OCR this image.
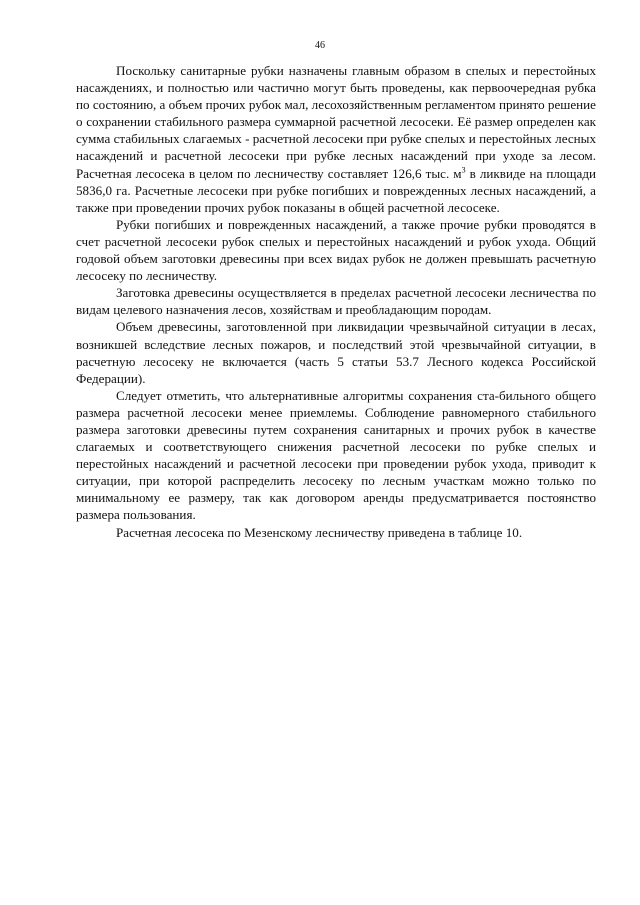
46

Поскольку санитарные рубки назначены главным образом в спелых и перестойных насаждениях, и полностью или частично могут быть проведены, как первоочередная рубка по состоянию, а объем прочих рубок мал, лесохозяйственным регламентом принято решение о сохранении стабильного размера суммарной расчетной лесосеки. Её размер определен как сумма стабильных слагаемых - расчетной лесосеки при рубке спелых и перестойных лесных насаждений и расчетной лесосеки при рубке лесных насаждений при уходе за лесом. Расчетная лесосека в целом по лесничеству составляет 126,6 тыс. $м^3$ в ликвиде на площади 5836,0 га. Расчетные лесосеки при рубке погибших и поврежденных лесных насаждений, а также при проведении прочих рубок показаны в общей расчетной лесосеке.

Рубки погибших и поврежденных насаждений, а также прочие рубки проводятся в счет расчетной лесосеки рубок спелых и перестойных насаждений и рубок ухода. Общий годовой объем заготовки древесины при всех видах рубок не должен превышать расчетную лесосеку по лесничеству.

Заготовка древесины осуществляется в пределах расчетной лесосеки лесничества по видам целевого назначения лесов, хозяйствам и преобладающим породам.

Объем древесины, заготовленной при ликвидации чрезвычайной ситуации в лесах, возникшей вследствие лесных пожаров, и последствий этой чрезвычайной ситуации, в расчетную лесосеку не включается (часть 5 статьи 53.7 Лесного кодекса Российской Федерации).

Следует отметить, что альтернативные алгоритмы сохранения ста-бильного общего размера расчетной лесосеки менее приемлемы. Соблюдение равномерного стабильного размера заготовки древесины путем сохранения санитарных и прочих рубок в качестве слагаемых и соответствующего снижения расчетной лесосеки по рубке спелых и перестойных насаждений и расчетной лесосеки при проведении рубок ухода, приводит к ситуации, при которой распределить лесосеку по лесным участкам можно только по минимальному ее размеру, так как договором аренды предусматривается постоянство размера пользования.

Расчетная лесосека по Мезенскому лесничеству приведена в таблице 10.
